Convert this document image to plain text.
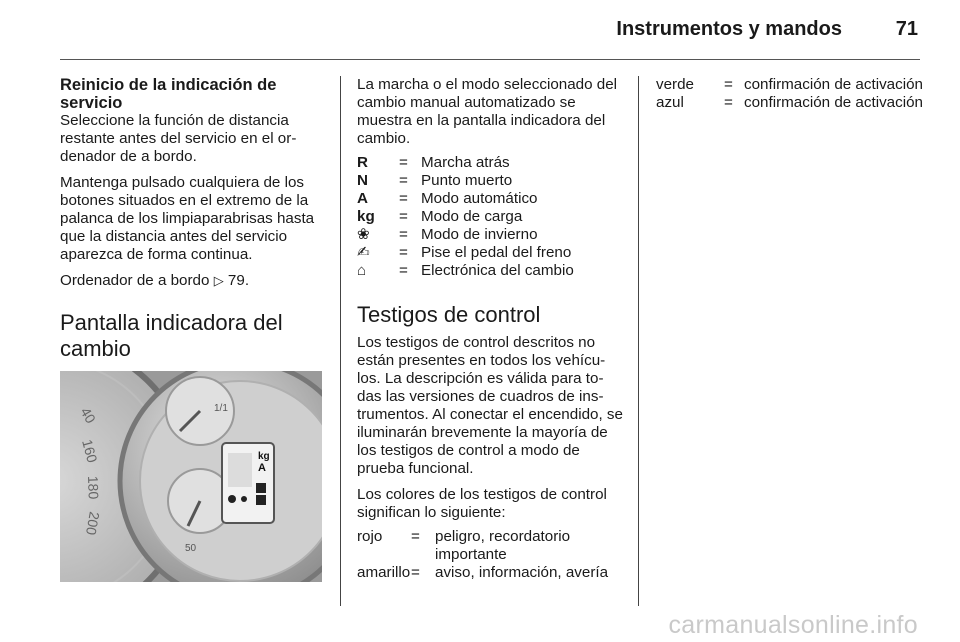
Instrumentos y mandos	71
Reinicio de la indicación de servicio

Seleccione la función de distancia restante antes del servicio en el or-denador de a bordo.

Mantenga pulsado cualquiera de los botones situados en el extremo de la palanca de los limpiaparabrisas hasta que la distancia antes del servicio aparezca de forma continua.

Ordenador de a bordo ▷ 79.

Pantalla indicadora del cambio
40
160
180
200
1/1
50
kg
A

La marcha o el modo seleccionado del cambio manual automatizado se muestra en la pantalla indicadora del cambio.

R	= Marcha atrás
N	= Punto muerto
A	= Modo automático
kg	= Modo de carga
❀	= Modo de invierno
✍	= Pise el pedal del freno
⌂	= Electrónica del cambio
Testigos de control

Los testigos de control descritos no están presentes en todos los vehícu-los. La descripción es válida para to-das las versiones de cuadros de ins-trumentos. Al conectar el encendido, se iluminarán brevemente la mayoría de los testigos de control a modo de prueba funcional.

Los colores de los testigos de control significan lo siguiente:

rojo	= peligro, recordatorio importante
amarillo = aviso, información, avería
verde	= confirmación de activación
azul	= confirmación de activación
carmanualsonline.info
